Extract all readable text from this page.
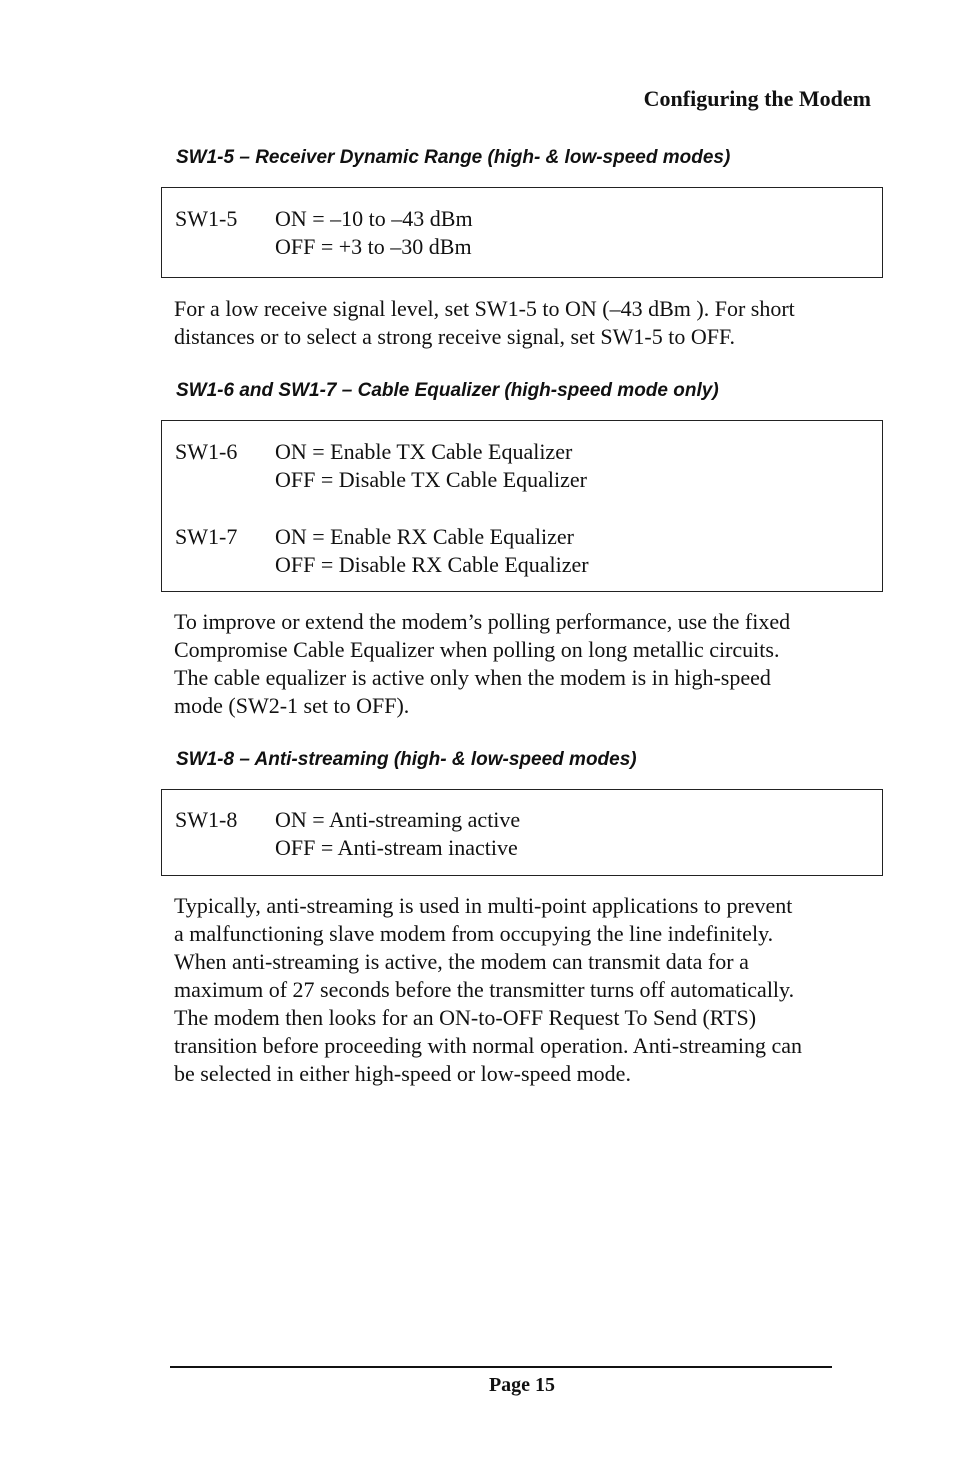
Configuring the Modem
SW1-5 – Receiver Dynamic Range (high- & low-speed modes)
SW1-5 ON = –10 to –43 dBm
OFF = +3 to –30 dBm
For a low receive signal level, set SW1-5 to ON (–43 dBm ). For short
distances or to select a strong receive signal, set SW1-5 to OFF.
SW1-6 and SW1-7 – Cable Equalizer (high-speed mode only)
SW1-6 ON = Enable TX Cable Equalizer
OFF = Disable TX Cable Equalizer
SW1-7 ON = Enable RX Cable Equalizer
OFF = Disable RX Cable Equalizer
To improve or extend the modem’s polling performance, use the fixed
Compromise Cable Equalizer when polling on long metallic circuits.
The cable equalizer is active only when the modem is in high-speed
mode (SW2-1 set to OFF).
SW1-8 – Anti-streaming (high- & low-speed modes)
SW1-8 ON = Anti-streaming active
OFF = Anti-stream inactive
Typically, anti-streaming is used in multi-point applications to prevent
a malfunctioning slave modem from occupying the line indefinitely.
When anti-streaming is active, the modem can transmit data for a
maximum of 27 seconds before the transmitter turns off automatically.
The modem then looks for an ON-to-OFF Request To Send (RTS)
transition before proceeding with normal operation. Anti-streaming can
be selected in either high-speed or low-speed mode.
Page 15
